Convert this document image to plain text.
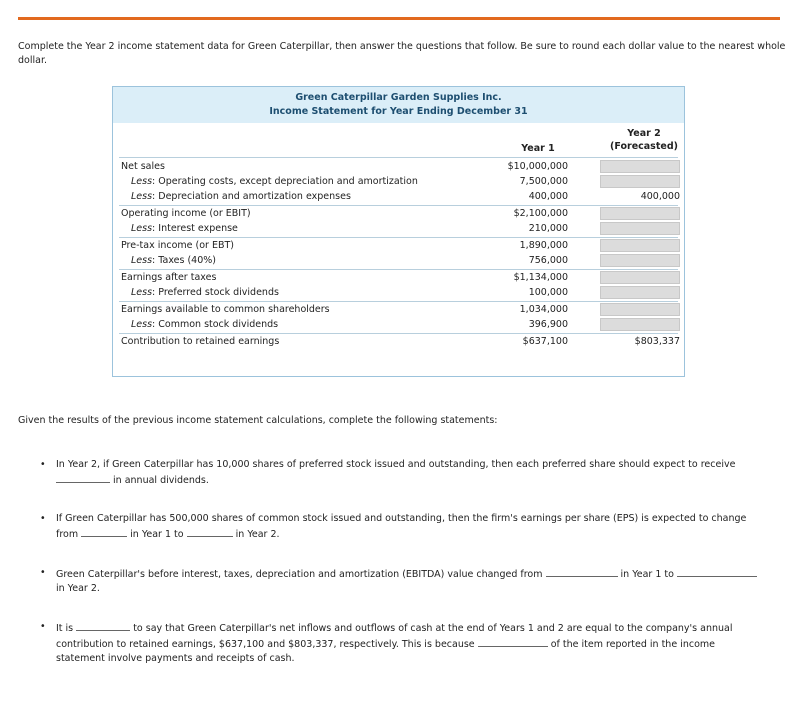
Complete the Year 2 income statement data for Green Caterpillar, then answer the questions that follow. Be sure to round each dollar value to the nearest whole dollar.
Green Caterpillar Garden Supplies Inc.
Income Statement for Year Ending December 31
Year 2
(Forecasted)
Year 1
Net sales	$10,000,000
Less: Operating costs, except depreciation and amortization	7,500,000
Less: Depreciation and amortization expenses	400,000	400,000
Operating income (or EBIT)	$2,100,000
Less: Interest expense	210,000
Pre-tax income (or EBT)	1,890,000
Less: Taxes (40%)	756,000
Earnings after taxes	$1,134,000
Less: Preferred stock dividends	100,000
Earnings available to common shareholders	1,034,000
Less: Common stock dividends	396,900
Contribution to retained earnings	$637,100	$803,337
Given the results of the previous income statement calculations, complete the following statements:
• In Year 2, if Green Caterpillar has 10,000 shares of preferred stock issued and outstanding, then each preferred share should expect to receive  in annual dividends.
• If Green Caterpillar has 500,000 shares of common stock issued and outstanding, then the firm's earnings per share (EPS) is expected to change from	in Year 1 to	in Year 2.
• Green Caterpillar's before interest, taxes, depreciation and amortization (EBITDA) value changed from	in Year 1 to  in Year 2.
• It is	to say that Green Caterpillar's net inflows and outflows of cash at the end of Years 1 and 2 are equal to the company's annual contribution to retained earnings, $637,100 and $803,337, respectively. This is because	of the item reported in the income statement involve payments and receipts of cash.
